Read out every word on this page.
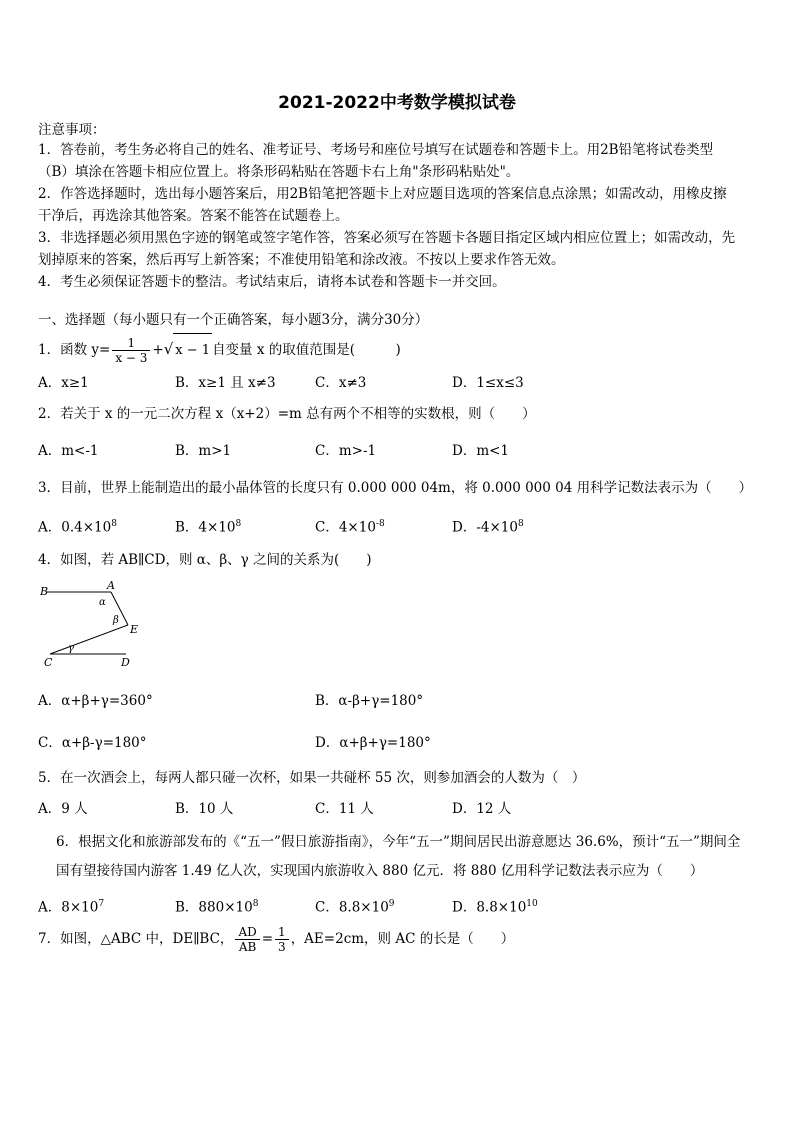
2021-2022中考数学模拟试卷
注意事项：
1．答卷前，考生务必将自己的姓名、准考证号、考场号和座位号填写在试题卷和答题卡上。用2B铅笔将试卷类型
（B）填涂在答题卡相应位置上。将条形码粘贴在答题卡右上角"条形码粘贴处"。
2．作答选择题时，选出每小题答案后，用2B铅笔把答题卡上对应题目选项的答案信息点涂黑；如需改动，用橡皮擦
干净后，再选涂其他答案。答案不能答在试题卷上。
3．非选择题必须用黑色字迹的钢笔或签字笔作答，答案必须写在答题卡各题目指定区域内相应位置上；如需改动，先
划掉原来的答案，然后再写上新答案；不准使用铅笔和涂改液。不按以上要求作答无效。
4．考生必须保证答题卡的整洁。考试结束后，请将本试卷和答题卡一并交回。
一、选择题（每小题只有一个正确答案，每小题3分，满分30分）
1．函数 $y= \frac{1}{x - 3}$ +√ x − 1 自变量 x 的取值范围是(　　　)
A．x≥1	B．x≥1 且 x≠3	C．x≠3	D．1≤x≤3
2．若关于 x 的一元二次方程 x（x+2）=m 总有两个不相等的实数根，则（　　）
A．m<-1	B．m>1	C．m>-1	D．m<1
3．目前，世界上能制造出的最小晶体管的长度只有 0.000 000 04m，将 0.000 000 04 用科学记数法表示为（　　）
A．$0.4\times 10^8$	B．$4\times 10^8$	C．$4\times 10^{-8}$	D．$-4\times 10^8$
4．如图，若 AB∥CD，则 α、β、γ 之间的关系为(　　)
B	A
α
β
E
γ
C	D
A．α+β+γ=360°	B．α-β+γ=180°
C．α+β-γ=180°	D．α+β+γ=180°
5．在一次酒会上，每两人都只碰一次杯，如果一共碰杯 55 次，则参加酒会的人数为（　）
A．9 人	B．10 人	C．11 人	D．12 人
6．根据文化和旅游部发布的《“五一”假日旅游指南》，今年“五一”期间居民出游意愿达 36.6%，预计“五一”期间全
国有望接待国内游客 1.49 亿人次，实现国内旅游收入 880 亿元．将 880 亿用科学记数法表示应为（　　）
A．$8\times 10^7$	B．$880\times 10^8$	C．$8.8\times 10^9$	D．$8.8\times 10^{10}$
7．如图，△ABC 中，DE∥BC， $\frac{AD}{AB} = \frac{1}{3}$ ，AE=2cm，则 AC 的长是（　　）
